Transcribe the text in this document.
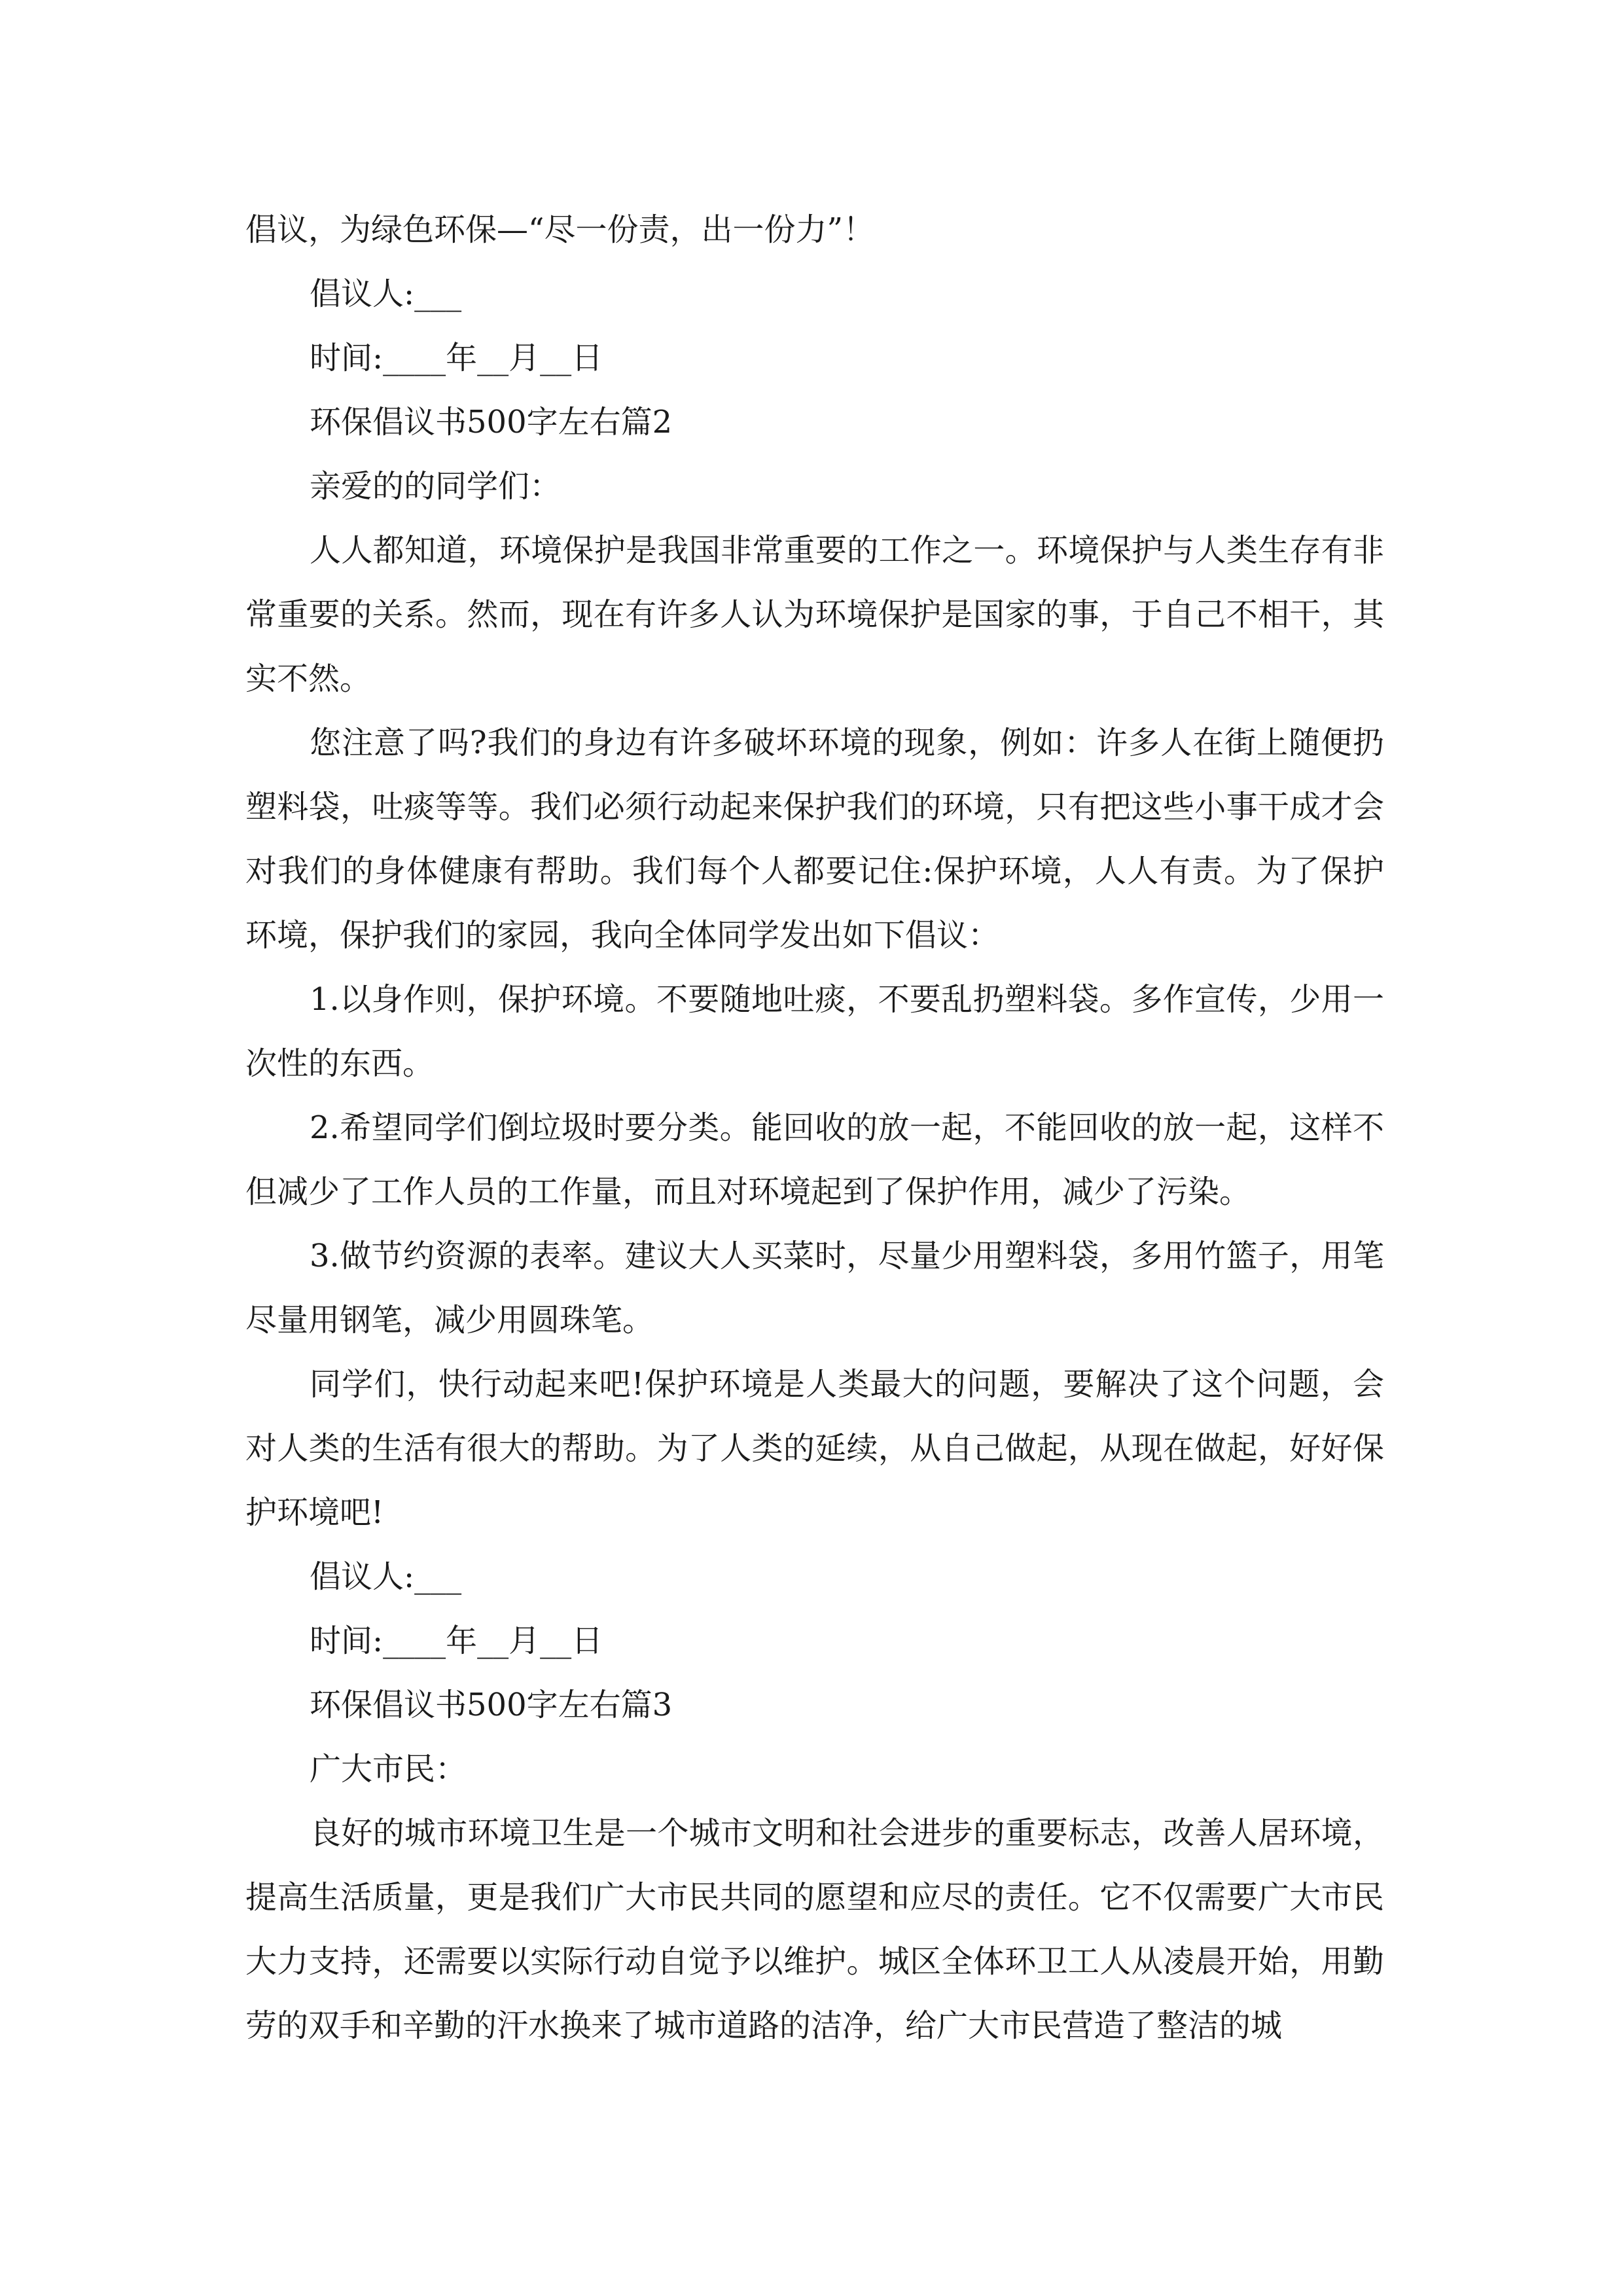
倡议，为绿色环保—“尽一份责，出一份力”！

倡议人:___

时间:____年__月__日

环保倡议书500字左右篇2

亲爱的的同学们：

人人都知道，环境保护是我国非常重要的工作之一。环境保护与人类生存有非常重要的关系。然而，现在有许多人认为环境保护是国家的事，于自己不相干，其实不然。

您注意了吗?我们的身边有许多破坏环境的现象，例如：许多人在街上随便扔塑料袋，吐痰等等。我们必须行动起来保护我们的环境，只有把这些小事干成才会对我们的身体健康有帮助。我们每个人都要记住:保护环境，人人有责。为了保护环境，保护我们的家园，我向全体同学发出如下倡议：

1.以身作则，保护环境。不要随地吐痰，不要乱扔塑料袋。多作宣传，少用一次性的东西。

2.希望同学们倒垃圾时要分类。能回收的放一起，不能回收的放一起，这样不但减少了工作人员的工作量，而且对环境起到了保护作用，减少了污染。

3.做节约资源的表率。建议大人买菜时，尽量少用塑料袋，多用竹篮子，用笔尽量用钢笔，减少用圆珠笔。

同学们，快行动起来吧!保护环境是人类最大的问题，要解决了这个问题，会对人类的生活有很大的帮助。为了人类的延续，从自己做起，从现在做起，好好保护环境吧!

倡议人:___

时间:____年__月__日

环保倡议书500字左右篇3

广大市民：

良好的城市环境卫生是一个城市文明和社会进步的重要标志，改善人居环境，提高生活质量，更是我们广大市民共同的愿望和应尽的责任。它不仅需要广大市民大力支持，还需要以实际行动自觉予以维护。城区全体环卫工人从凌晨开始，用勤劳的双手和辛勤的汗水换来了城市道路的洁净，给广大市民营造了整洁的城
